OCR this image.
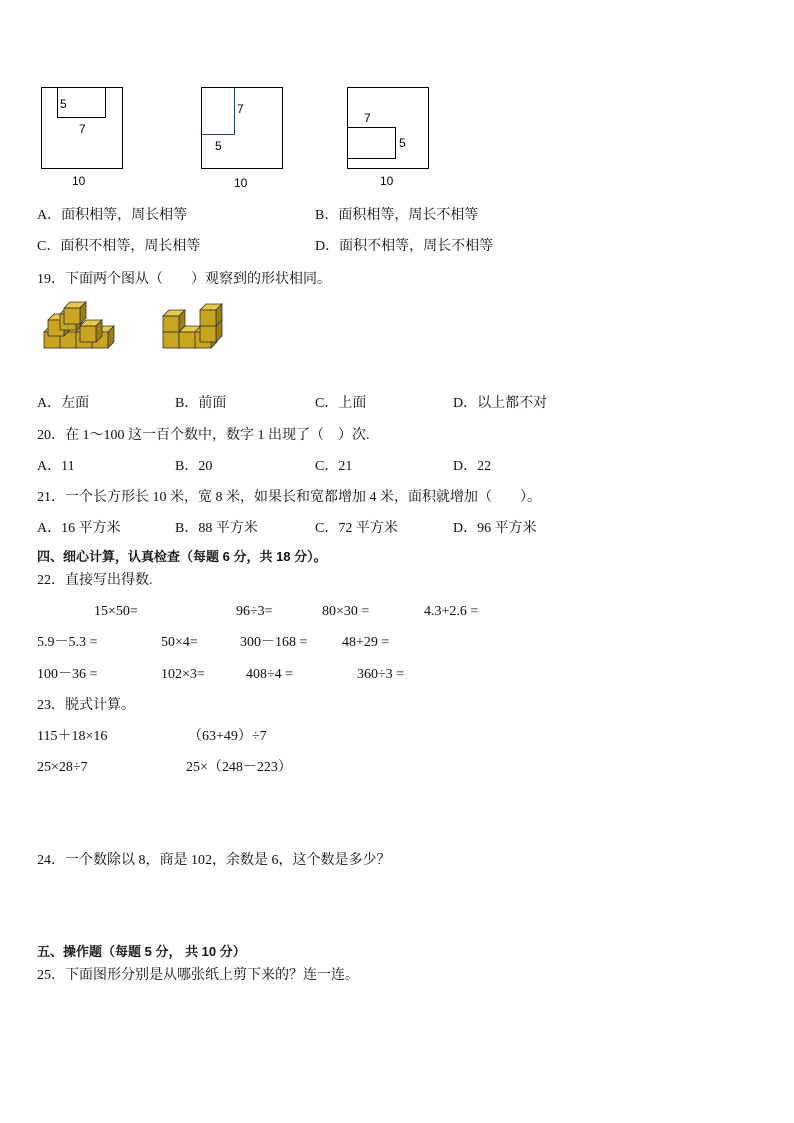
5
7
10
7
5
10
7
5
10
A．面积相等，周长相等	B．面积相等，周长不相等
C．面积不相等，周长相等	D．面积不相等，周长不相等
19．下面两个图从（　　）观察到的形状相同。
A．左面	B．前面	C．上面	D．以上都不对
20．在 1～100 这一百个数中，数字 1 出现了（　）次.
A．11	B．20	C．21	D．22
21．一个长方形长 10 米，宽 8 米，如果长和宽都增加 4 米，面积就增加（　　）。
A．16 平方米	B．88 平方米	C．72 平方米	D．96 平方米
四、细心计算，认真检查（每题 6 分，共 18 分）。
22．直接写出得数.
15×50=	96÷3=	80×30 =	4.3+2.6 =
5.9－5.3 =	50×4=	300－168 = 48+29 =
100－36 =	102×3=	408÷4 =	360÷3 =
23．脱式计算。
115＋18×16	（63+49）÷7
25×28÷7	25×（248－223）
24．一个数除以 8，商是 102，余数是 6，这个数是多少？
五、操作题（每题 5 分， 共 10 分）
25．下面图形分别是从哪张纸上剪下来的？连一连。
